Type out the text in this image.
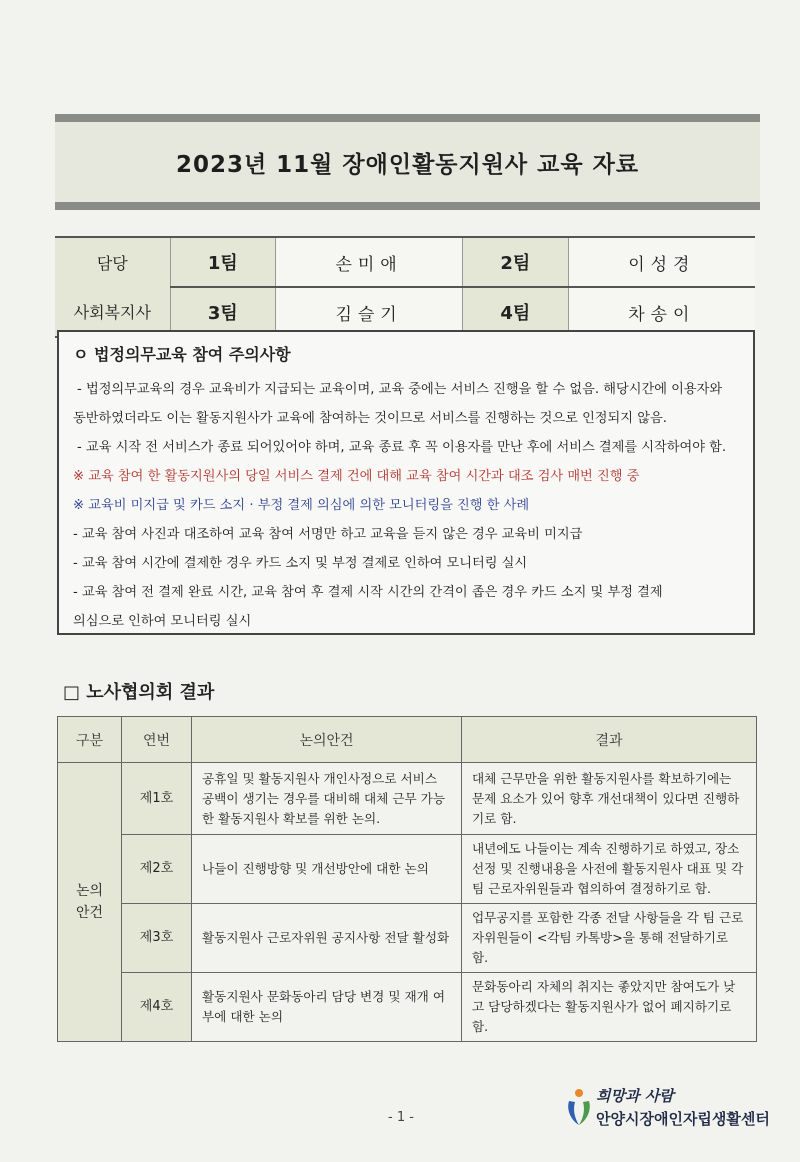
2023년 11월 장애인활동지원사 교육 자료
담당	1팀	손미애	2팀	이성경
사회복지사	3팀	김슬기	4팀	차송이
ㅇ 법정의무교육 참여 주의사항
- 법정의무교육의 경우 교육비가 지급되는 교육이며, 교육 중에는 서비스 진행을 할 수 없음. 해당시간에 이용자와
동반하였더라도 이는 활동지원사가 교육에 참여하는 것이므로 서비스를 진행하는 것으로 인정되지 않음.
- 교육 시작 전 서비스가 종료 되어있어야 하며, 교육 종료 후 꼭 이용자를 만난 후에 서비스 결제를 시작하여야 함.
※ 교육 참여 한 활동지원사의 당일 서비스 결제 건에 대해 교육 참여 시간과 대조 검사 매번 진행 중
※ 교육비 미지급 및 카드 소지 · 부정 결제 의심에 의한 모니터링을 진행 한 사례
- 교육 참여 사진과 대조하여 교육 참여 서명만 하고 교육을 듣지 않은 경우 교육비 미지급
- 교육 참여 시간에 결제한 경우 카드 소지 및 부정 결제로 인하여 모니터링 실시
- 교육 참여 전 결제 완료 시간, 교육 참여 후 결제 시작 시간의 간격이 좁은 경우 카드 소지 및 부정 결제
의심으로 인하여 모니터링 실시
□ 노사협의회 결과
구분	연번	논의안건	결과
논의
안건	제1호	공휴일 및 활동지원사 개인사정으로 서비스 공백이 생기는 경우를 대비해 대체 근무 가능한 활동지원사 확보를 위한 논의.	대체 근무만을 위한 활동지원사를 확보하기에는 문제 요소가 있어 향후 개선대책이 있다면 진행하기로 함.
	제2호	나들이 진행방향 및 개선방안에 대한 논의	내년에도 나들이는 계속 진행하기로 하였고, 장소선정 및 진행내용을 사전에 활동지원사 대표 및 각 팀 근로자위원들과 협의하여 결정하기로 함.
	제3호	활동지원사 근로자위원 공지사항 전달 활성화	업무공지를 포함한 각종 전달 사항들을 각 팀 근로자위원들이 <각팀 카톡방>을 통해 전달하기로 함.
	제4호	활동지원사 문화동아리 담당 변경 및 재개 여부에 대한 논의	문화동아리 자체의 취지는 좋았지만 참여도가 낮고 담당하겠다는 활동지원사가 없어 폐지하기로 함.
- 1 -
희망과 사람
안양시장애인자립생활센터
